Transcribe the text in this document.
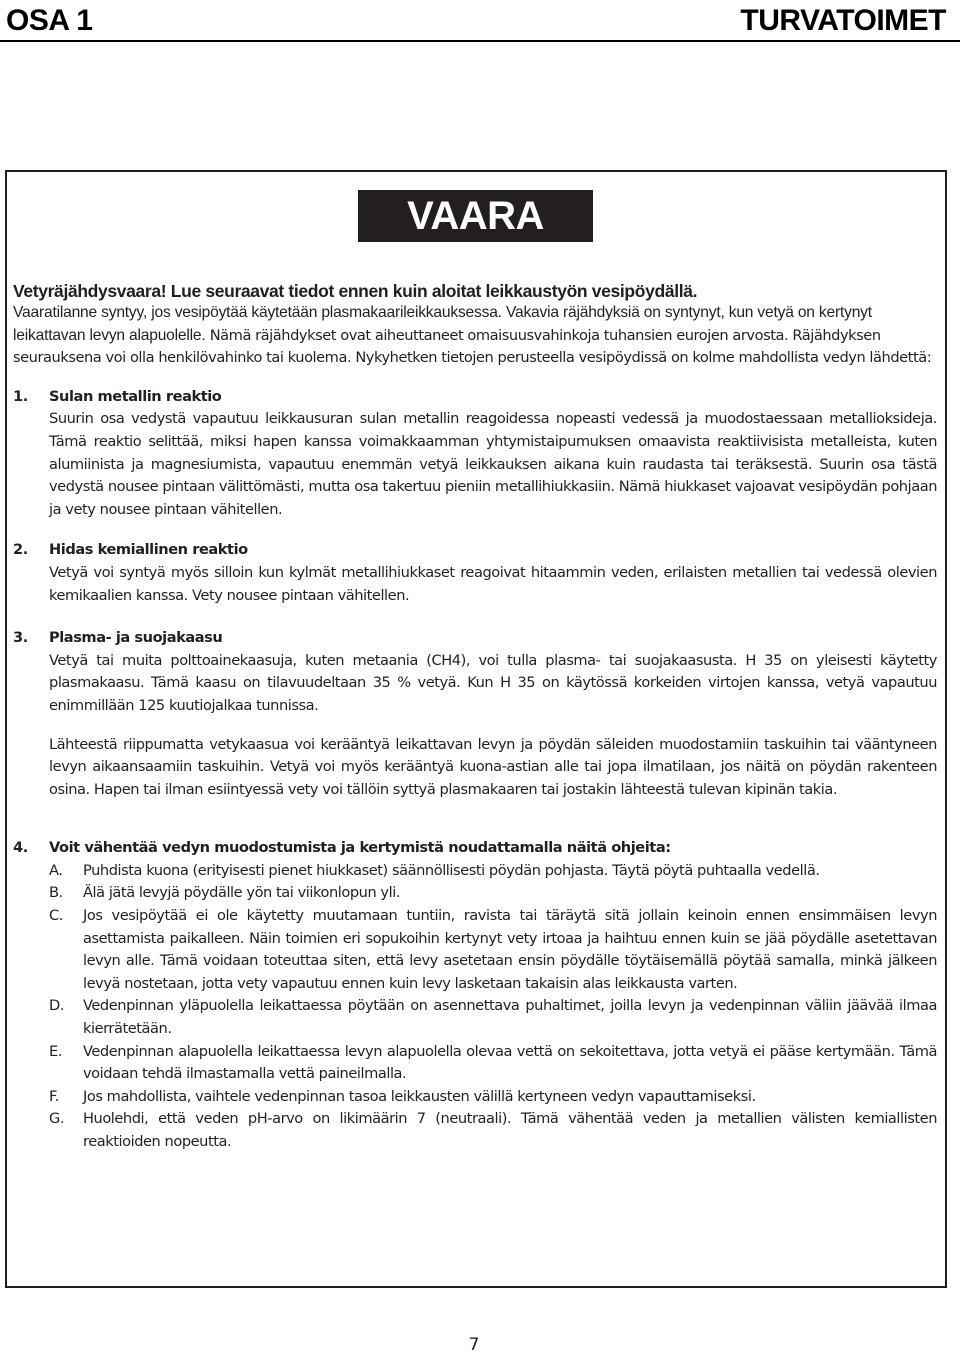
OSA 1	TURVATOIMET
VAARA

Vetyräjähdysvaara! Lue seuraavat tiedot ennen kuin aloitat leikkaustyön vesipöydällä.

Vaaratilanne syntyy, jos vesipöytää käytetään plasmakaarileikkauksessa. Vakavia räjähdyksiä on syntynyt, kun vetyä on kertynyt leikattavan levyn alapuolelle. Nämä räjähdykset ovat aiheuttaneet omaisuusvahinkoja tuhansien eurojen arvosta. Räjähdyksen seurauksena voi olla henkilövahinko tai kuolema. Nykyhetken tietojen perusteella vesipöydissä on kolme mahdollista vedyn lähdettä:

1. Sulan metallin reaktio

Suurin osa vedystä vapautuu leikkausuran sulan metallin reagoidessa nopeasti vedessä ja muodostaessaan metallioksideja. Tämä reaktio selittää, miksi hapen kanssa voimakkaamman yhtymistaipumuksen omaavista reaktiivisista metalleista, kuten alumiinista ja magnesiumista, vapautuu enemmän vetyä leikkauksen aikana kuin raudasta tai teräksestä. Suurin osa tästä vedystä nousee pintaan välittömästi, mutta osa takertuu pieniin metallihiukkasiin. Nämä hiukkaset vajoavat vesipöydän pohjaan ja vety nousee pintaan vähitellen.

2. Hidas kemiallinen reaktio

Vetyä voi syntyä myös silloin kun kylmät metallihiukkaset reagoivat hitaammin veden, erilaisten metallien tai vedessä olevien kemikaalien kanssa. Vety nousee pintaan vähitellen.

3. Plasma- ja suojakaasu

Vetyä tai muita polttoainekaasuja, kuten metaania (CH4), voi tulla plasma- tai suojakaasusta. H 35 on yleisesti käytetty plasmakaasu. Tämä kaasu on tilavuudeltaan 35 % vetyä. Kun H 35 on käytössä korkeiden virtojen kanssa, vetyä vapautuu enimmillään 125 kuutiojalkaa tunnissa.

Lähteestä riippumatta vetykaasua voi kerääntyä leikattavan levyn ja pöydän säleiden muodostamiin taskuihin tai vääntyneen levyn aikaansaamiin taskuihin. Vetyä voi myös kerääntyä kuona-astian alle tai jopa ilmatilaan, jos näitä on pöydän rakenteen osina. Hapen tai ilman esiintyessä vety voi tällöin syttyä plasmakaaren tai jostakin lähteestä tulevan kipinän takia.

4. Voit vähentää vedyn muodostumista ja kertymistä noudattamalla näitä ohjeita:

A. Puhdista kuona (erityisesti pienet hiukkaset) säännöllisesti pöydän pohjasta. Täytä pöytä puhtaalla vedellä.
B. Älä jätä levyjä pöydälle yön tai viikonlopun yli.
C. Jos vesipöytää ei ole käytetty muutamaan tuntiin, ravista tai täräytä sitä jollain keinoin ennen ensimmäisen levyn asettamista paikalleen. Näin toimien eri sopukoihin kertynyt vety irtoaa ja haihtuu ennen kuin se jää pöydälle asetettavan levyn alle. Tämä voidaan toteuttaa siten, että levy asetetaan ensin pöydälle töytäisemällä pöytää samalla, minkä jälkeen levyä nostetaan, jotta vety vapautuu ennen kuin levy lasketaan takaisin alas leikkausta varten.
D. Vedenpinnan yläpuolella leikattaessa pöytään on asennettava puhaltimet, joilla levyn ja vedenpinnan väliin jäävää ilmaa kierrätetään.
E. Vedenpinnan alapuolella leikattaessa levyn alapuolella olevaa vettä on sekoitettava, jotta vetyä ei pääse kertymään. Tämä voidaan tehdä ilmastamalla vettä paineilmalla.
F. Jos mahdollista, vaihtele vedenpinnan tasoa leikkausten välillä kertyneen vedyn vapauttamiseksi.
G. Huolehdi, että veden pH-arvo on likimäärin 7 (neutraali). Tämä vähentää veden ja metallien välisten kemiallisten reaktioiden nopeutta.
7
